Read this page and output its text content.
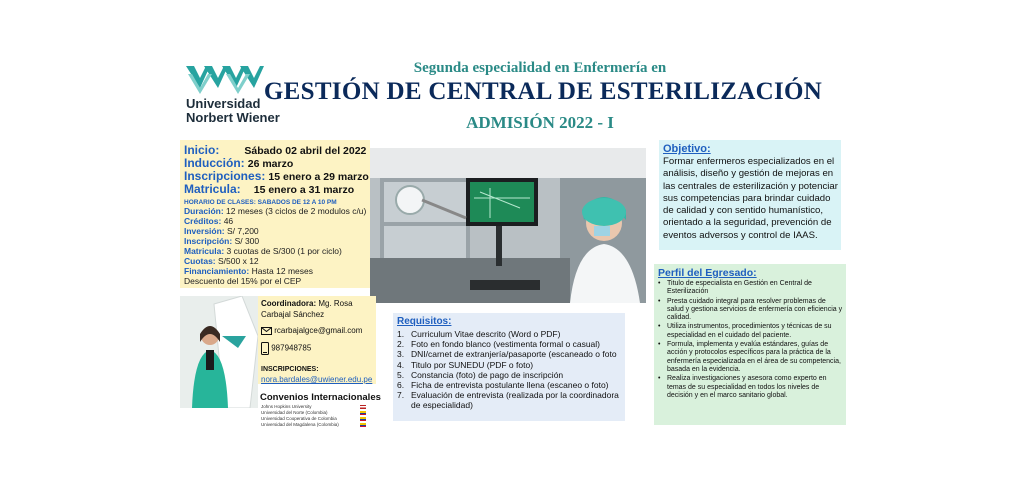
Universidad
Norbert Wiener
Segunda especialidad en Enfermería en
GESTIÓN DE CENTRAL DE ESTERILIZACIÓN
ADMISIÓN 2022 - I
Inicio: Sábado 02 abril del 2022
Inducción: 26 marzo
Inscripciones: 15 enero a 29 marzo
Matricula: 15 enero a 31 marzo
HORARIO DE CLASES: SABADOS DE 12 A 10 PM
Duración: 12 meses (3 ciclos de 2 modulos c/u)
Créditos: 46
Inversión: S/ 7,200
Inscripción: S/ 300
Matricula: 3 cuotas de S/300 (1 por ciclo)
Cuotas: S/500 x 12
Financiamiento: Hasta 12 meses
Descuento del 15% por el CEP
Objetivo:
Formar enfermeros especializados en el análisis, diseño y gestión de mejoras en las centrales de esterilización y potenciar sus competencias para brindar cuidado de calidad y con sentido humanístico, orientado a la seguridad, prevención de eventos adversos y control de IAAS.
Coordinadora: Mg. Rosa Carbajal Sánchez
rcarbajalgce@gmail.com
987948785
INSCRIPCIONES:
nora.bardales@uwiener.edu.pe
Convenios Internacionales
Johns Hopkins University
Universidad del Norte (Colombia)
Universidad Cooperativa de Colombia
Universidad del Magdalena (Colombia)
Requisitos:
1. Curriculum Vitae descrito (Word o PDF)
2. Foto en fondo blanco (vestimenta formal o casual)
3. DNI/carnet de extranjería/pasaporte (escaneado o foto
4. Titulo por SUNEDU (PDF o foto)
5. Constancia (foto) de pago de inscripción
6. Ficha de entrevista postulante llena (escaneo o foto)
7. Evaluación de entrevista (realizada por la coordinadora de especialidad)
Perfil del Egresado:
• Titulo de especialista en Gestión en Central de Esterilización
• Presta cuidado integral para resolver problemas de salud y gestiona servicios de enfermería con eficiencia y calidad.
• Utiliza instrumentos, procedimientos y técnicas de su especialidad en el cuidado del paciente.
• Formula, implementa y evalúa estándares, guías de acción y protocolos específicos para la práctica de la enfermería especializada en el área de su competencia, basada en la evidencia.
• Realiza investigaciones y asesora como experto en temas de su especialidad en todos los niveles de decisión y en el marco sanitario global.
